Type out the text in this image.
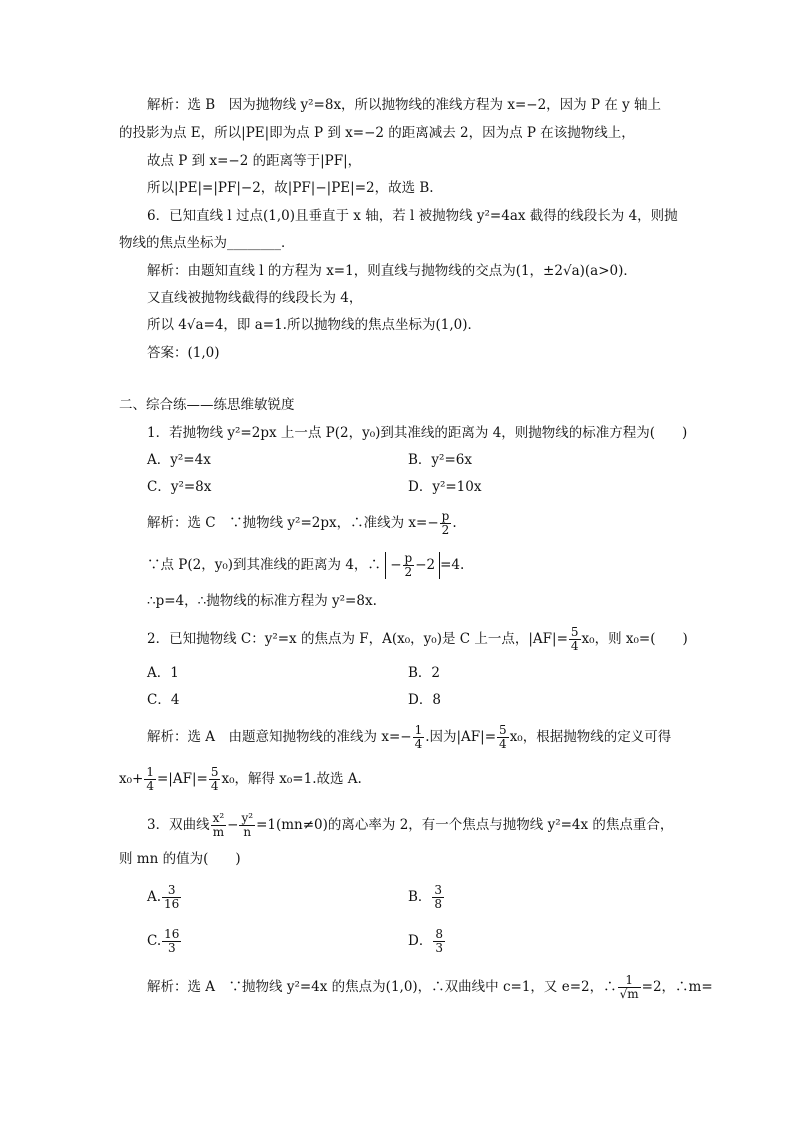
解析：选 B　因为抛物线 y²=8x，所以抛物线的准线方程为 x=−2，因为 P 在 y 轴上
的投影为点 E，所以|PE|即为点 P 到 x=−2 的距离减去 2，因为点 P 在该抛物线上，
故点 P 到 x=−2 的距离等于|PF|，
所以|PE|=|PF|−2，故|PF|−|PE|=2，故选 B.
6．已知直线 l 过点(1,0)且垂直于 x 轴，若 l 被抛物线 y²=4ax 截得的线段长为 4，则抛
物线的焦点坐标为________．
解析：由题知直线 l 的方程为 x=1，则直线与抛物线的交点为(1，±2√a)(a>0)．
又直线被抛物线截得的线段长为 4，
所以 4√a=4，即 a=1.所以抛物线的焦点坐标为(1,0)．
答案：(1,0)
二、综合练——练思维敏锐度
1．若抛物线 y²=2px 上一点 P(2，y₀)到其准线的距离为 4，则抛物线的标准方程为(　　)
A．y²=4x	B．y²=6x
C．y²=8x	D．y²=10x
解析：选 C　∵抛物线 y²=2px，∴准线为 $x=- \frac{p}{2}$ .
∵点 P(2，y₀)到其准线的距离为 4，∴ − $\frac{p}{2} -2 =4$.
∴p=4，∴抛物线的标准方程为 y²=8x.
2．已知抛物线 C：y²=x 的焦点为 F，A(x₀，y₀)是 C 上一点，$|AF|= \frac{5}{4} x_0$，则 x₀=(　　)
A．1	B．2
C．4	D．8
解析：选 A　由题意知抛物线的准线为 $x=- \frac{1}{4}$ .因为$|AF|= \frac{5}{4} x_0$，根据抛物线的定义可得
$x_0+ \frac{1}{4} =|AF|= \frac{5}{4} x_0$，解得 x₀=1.故选 A.
3．双曲线 $\frac{\text{x²}}{m} - \frac{\text{y²}}{n} =1(mn\ne 0)$的离心率为 2，有一个焦点与抛物线 y²=4x 的焦点重合，
则 mn 的值为(　　)
A. $\frac{3}{16}$	B． $\frac{3}{8}$
C. $\frac{16}{3}$	D． $\frac{8}{3}$
解析：选 A　∵抛物线 y²=4x 的焦点为(1,0)，∴双曲线中 c=1，又 e=2，∴ $\frac{1}{√m} =2$，∴m=
